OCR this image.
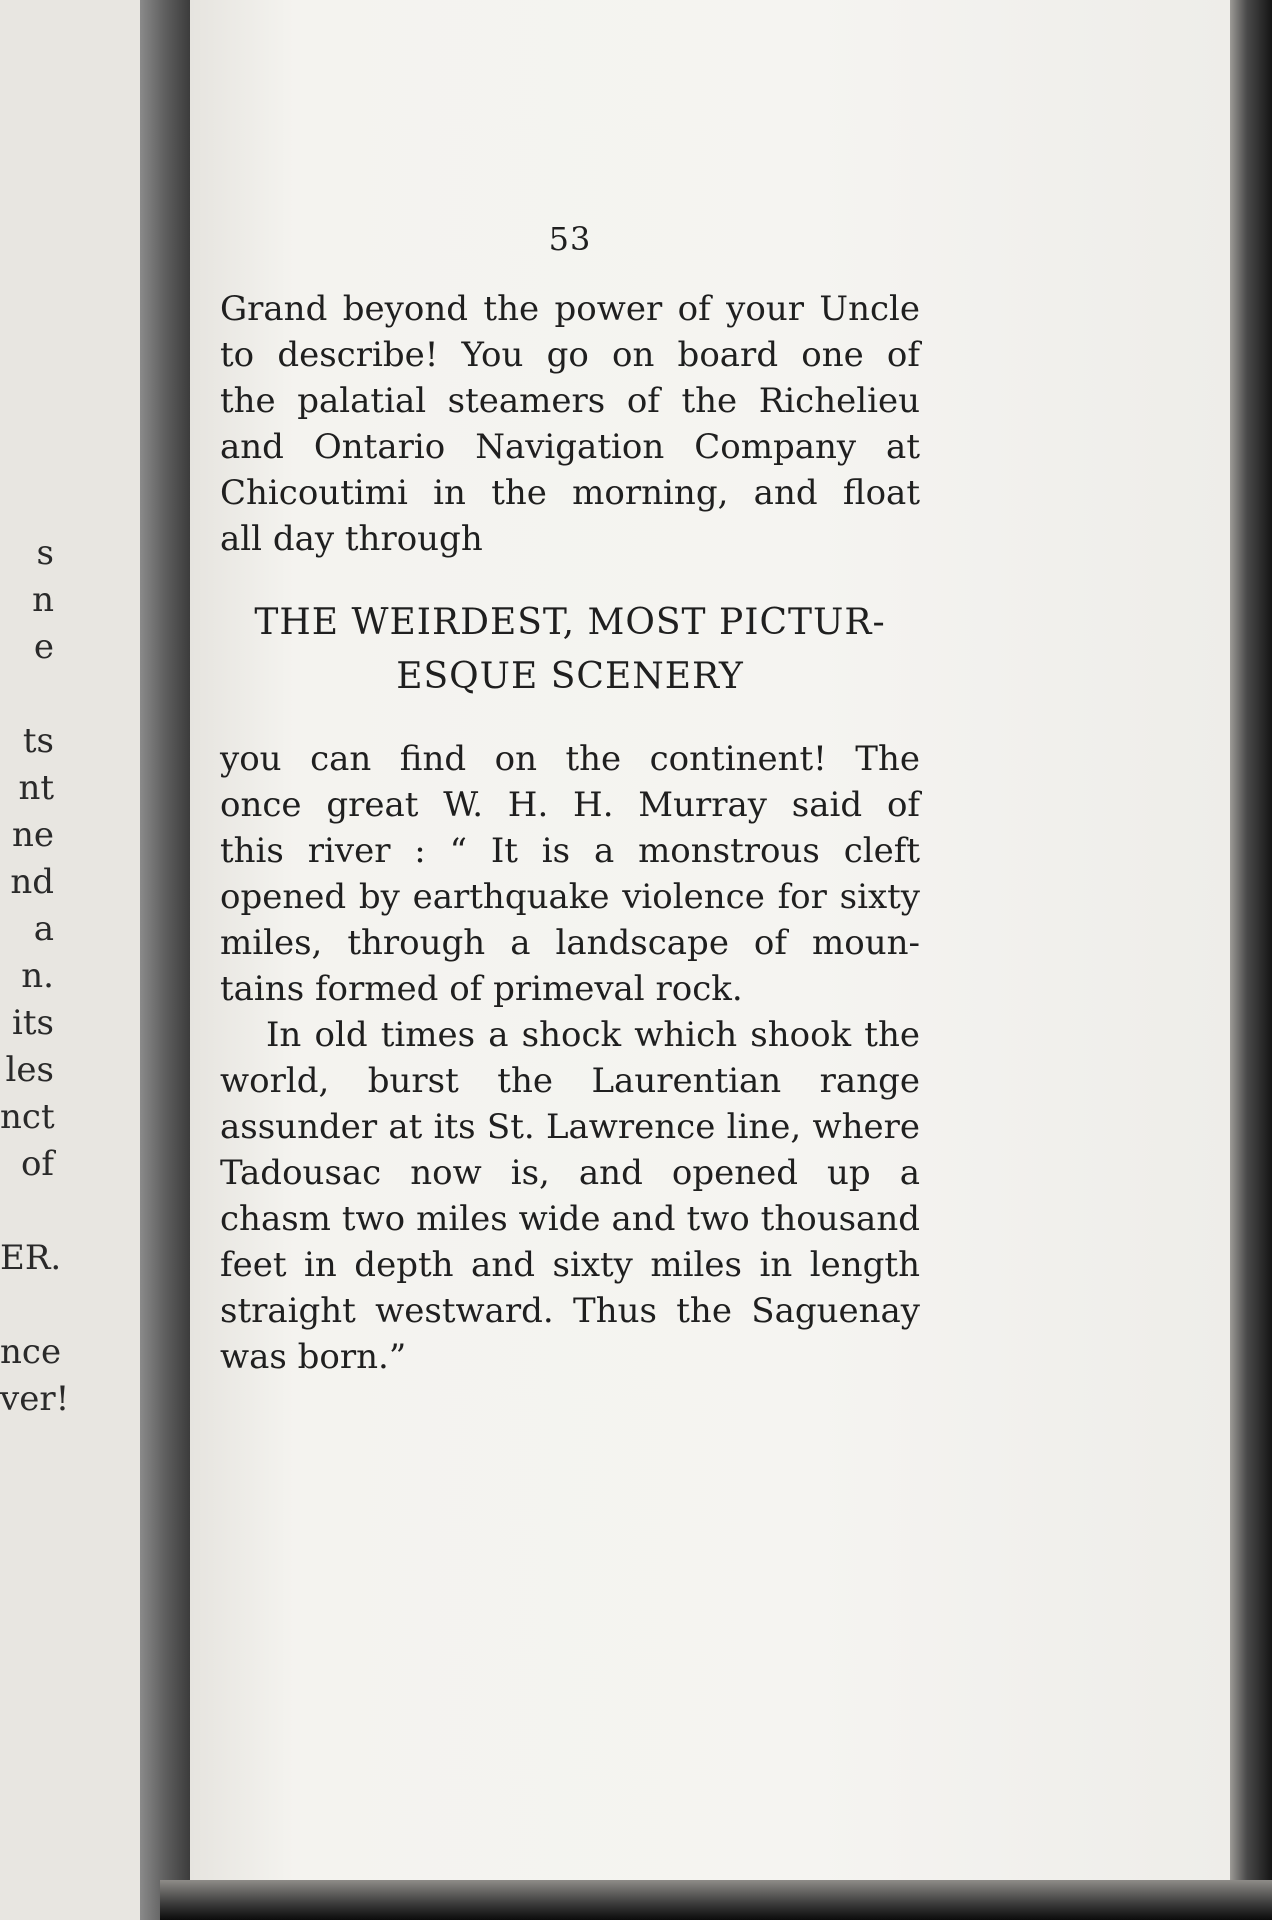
s
n
e
ts
nt
ne
nd
a
n.
its
les
nct
of
ER.
nce
ver!
53

Grand beyond the power of your Uncle
to describe! You go on board one of
the palatial steamers of the Richelieu
and Ontario Navigation Company at
Chicoutimi in the morning, and float
all day through

THE WEIRDEST, MOST PICTUR-
ESQUE SCENERY

you can find on the continent! The
once great W. H. H. Murray said of
this river : “ It is a monstrous cleft
opened by earthquake violence for sixty
miles, through a landscape of moun-
tains formed of primeval rock.

In old times a shock which shook the
world, burst the Laurentian range
assunder at its St. Lawrence line, where
Tadousac now is, and opened up a
chasm two miles wide and two thousand
feet in depth and sixty miles in length
straight westward. Thus the Saguenay
was born.”
